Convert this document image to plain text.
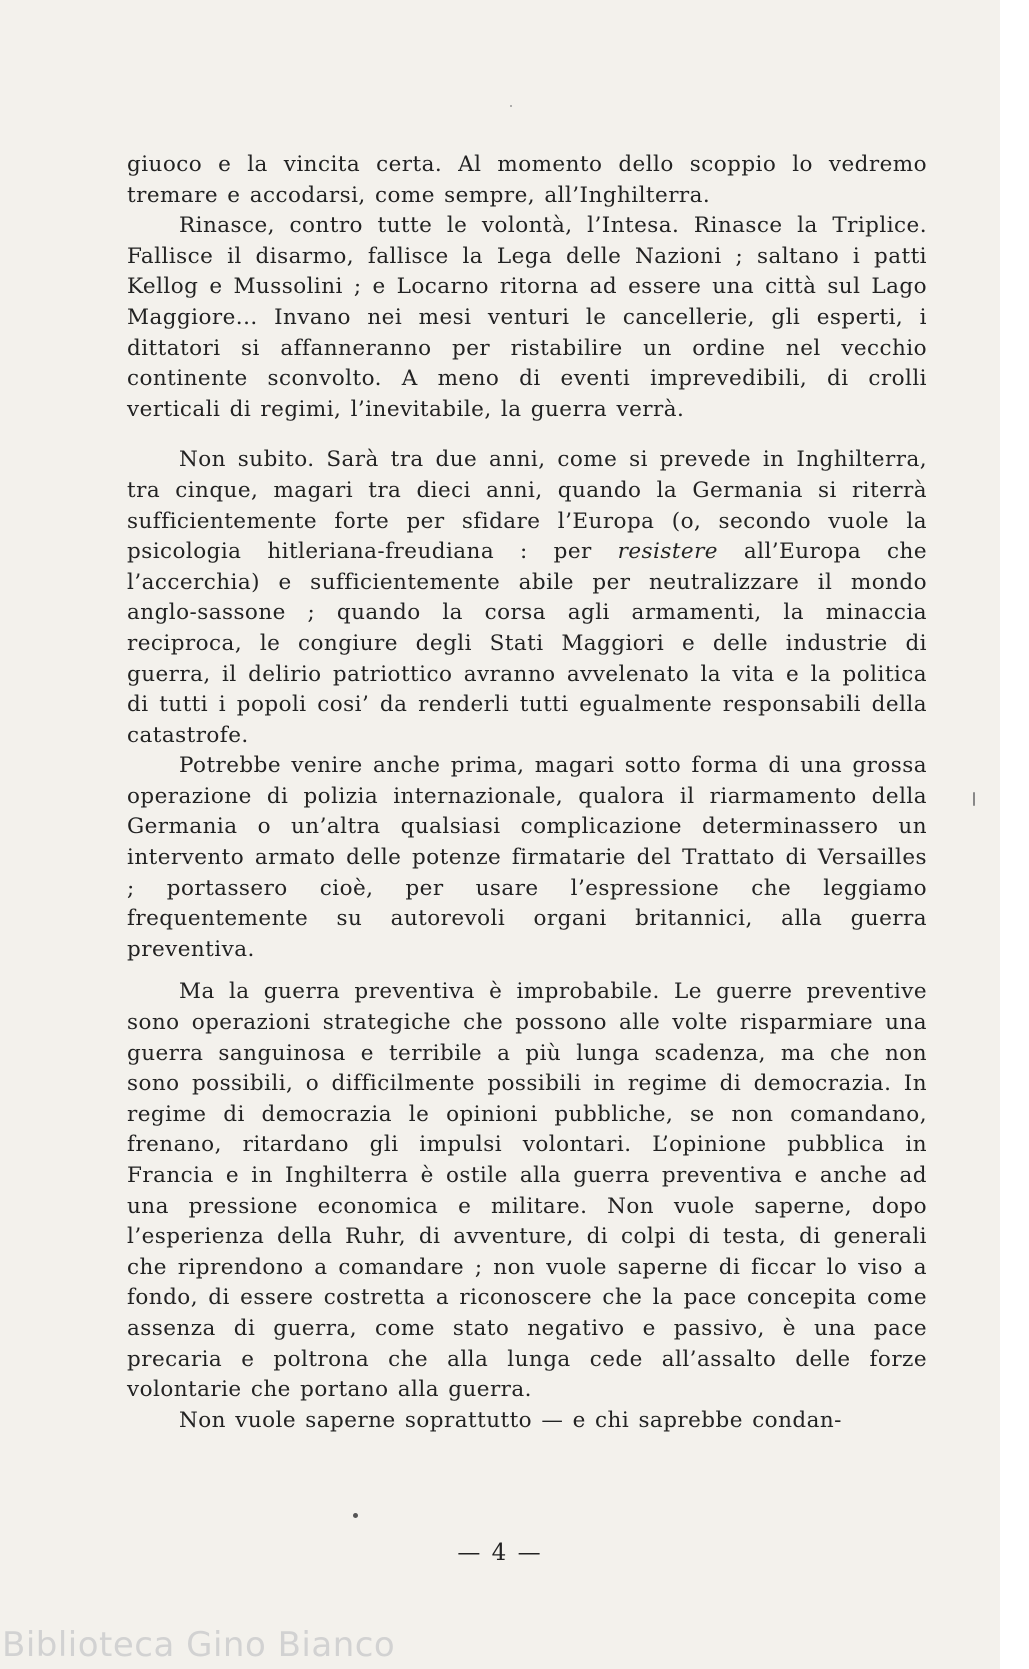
giuoco e la vincita certa. Al momento dello scoppio lo vedremo tremare e accodarsi, come sempre, all’Inghilterra.

Rinasce, contro tutte le volontà, l’Intesa. Rinasce la Triplice. Fallisce il disarmo, fallisce la Lega delle Nazioni ; saltano i patti Kellog e Mussolini ; e Locarno ritorna ad essere una città sul Lago Maggiore... Invano nei mesi venturi le cancellerie, gli esperti, i dittatori si affanneranno per ristabilire un ordine nel vecchio continente sconvolto. A meno di eventi imprevedibili, di crolli verticali di regimi, l’inevitabile, la guerra verrà.

Non subito. Sarà tra due anni, come si prevede in Inghilterra, tra cinque, magari tra dieci anni, quando la Germania si riterrà sufficientemente forte per sfidare l’Europa (o, secondo vuole la psicologia hitleriana-freudiana : per resistere all’Europa che l’accerchia) e sufficientemente abile per neutralizzare il mondo anglo-sassone ; quando la corsa agli armamenti, la minaccia reciproca, le congiure degli Stati Maggiori e delle industrie di guerra, il delirio patriottico avranno avvelenato la vita e la politica di tutti i popoli cosi’ da renderli tutti egualmente responsabili della catastrofe.

Potrebbe venire anche prima, magari sotto forma di una grossa operazione di polizia internazionale, qualora il riarmamento della Germania o un’altra qualsiasi complicazione determinassero un intervento armato delle potenze firmatarie del Trattato di Versailles ; portassero cioè, per usare l’espressione che leggiamo frequentemente su autorevoli organi britannici, alla guerra preventiva.

Ma la guerra preventiva è improbabile. Le guerre preventive sono operazioni strategiche che possono alle volte risparmiare una guerra sanguinosa e terribile a più lunga scadenza, ma che non sono possibili, o difficilmente possibili in regime di democrazia. In regime di democrazia le opinioni pubbliche, se non comandano, frenano, ritardano gli impulsi volontari. L’opinione pubblica in Francia e in Inghilterra è ostile alla guerra preventiva e anche ad una pressione economica e militare. Non vuole saperne, dopo l’esperienza della Ruhr, di avventure, di colpi di testa, di generali che riprendono a comandare ; non vuole saperne di ficcar lo viso a fondo, di essere costretta a riconoscere che la pace concepita come assenza di guerra, come stato negativo e passivo, è una pace precaria e poltrona che alla lunga cede all’assalto delle forze volontarie che portano alla guerra.

Non vuole saperne soprattutto — e chi saprebbe condan-

— 4 —
Biblioteca Gino Bianco
